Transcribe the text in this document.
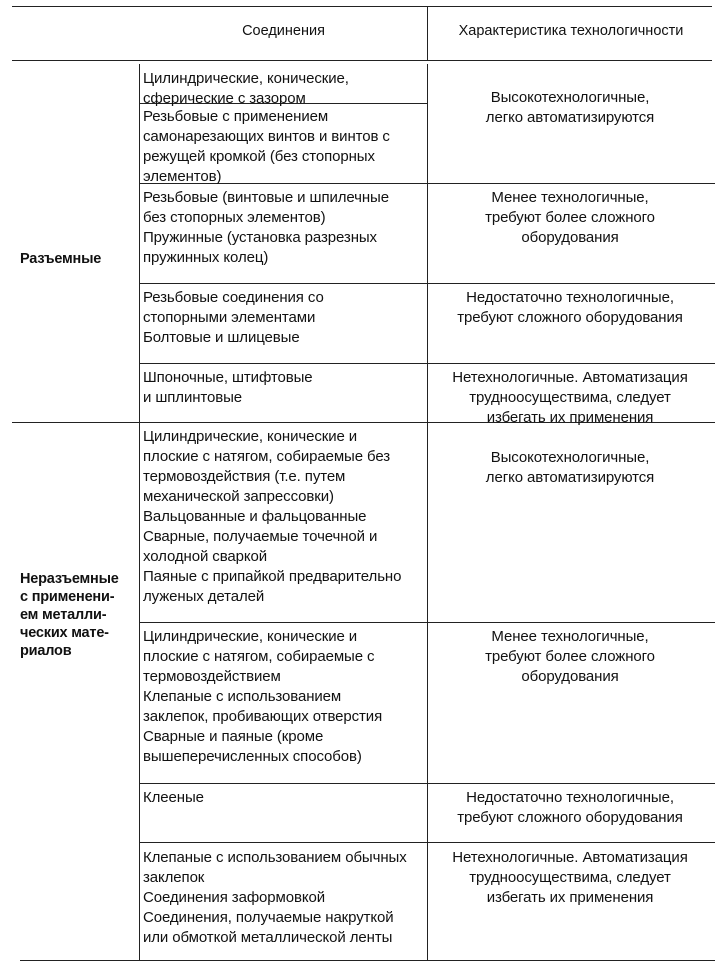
Соединения	Характеристика технологичности
Разъемные
Неразъемные
с применени-
ем металли-
ческих мате-
риалов
Цилиндрические, конические,
сферические с зазором
Резьбовые с применением
самонарезающих винтов и винтов с
режущей кромкой (без стопорных
элементов)
Высокотехнологичные,
легко автоматизируются
Резьбовые (винтовые и шпилечные
без стопорных элементов)
Пружинные (установка разрезных
пружинных колец)
Менее технологичные,
требуют более сложного
оборудования
Резьбовые соединения со
стопорными элементами
Болтовые и шлицевые
Недостаточно технологичные,
требуют сложного оборудования
Шпоночные, штифтовые
и шплинтовые
Нетехнологичные. Автоматизация
трудноосуществима, следует
избегать их применения
Цилиндрические, конические и
плоские с натягом, собираемые без
термовоздействия (т.е. путем
механической запрессовки)
Вальцованные и фальцованные
Сварные, получаемые точечной и
холодной сваркой
Паяные с припайкой предварительно
луженых деталей
Высокотехнологичные,
легко автоматизируются
Цилиндрические, конические и
плоские с натягом, собираемые с
термовоздействием
Клепаные с использованием
заклепок, пробивающих отверстия
Сварные и паяные (кроме
вышеперечисленных способов)
Менее технологичные,
требуют более сложного
оборудования
Клееные	Недостаточно технологичные,
требуют сложного оборудования
Клепаные с использованием обычных
заклепок
Соединения заформовкой
Соединения, получаемые накруткой
или обмоткой металлической ленты
Нетехнологичные. Автоматизация
трудноосуществима, следует
избегать их применения
